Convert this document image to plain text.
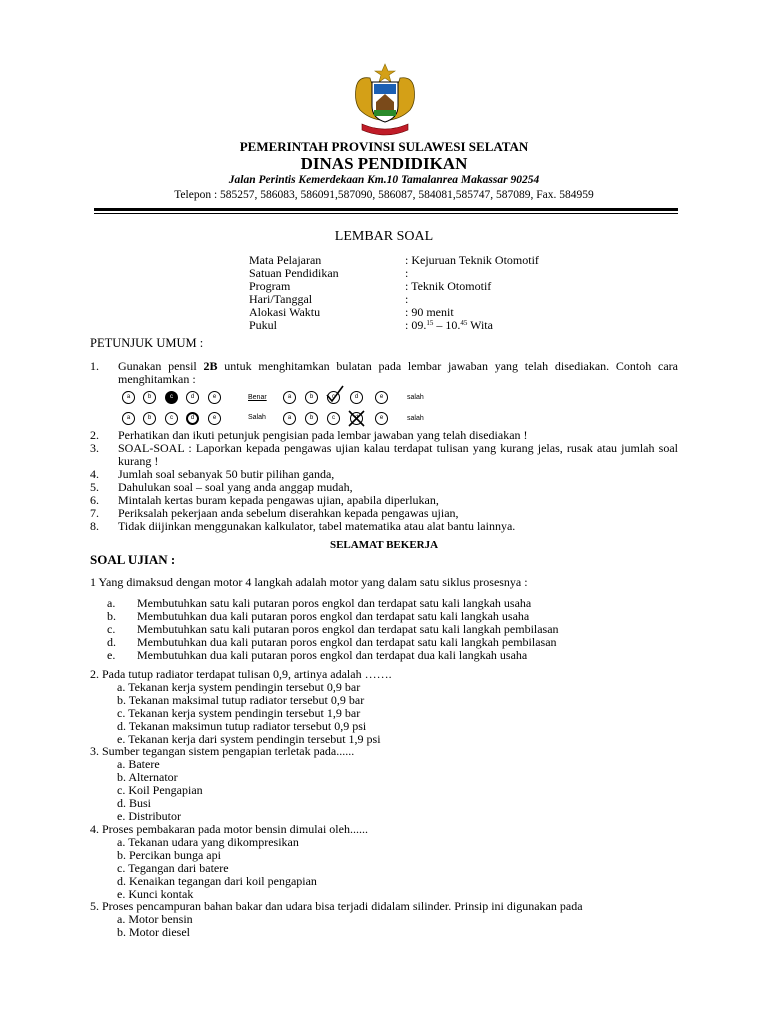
PEMERINTAH PROVINSI SULAWESI SELATAN
DINAS PENDIDIKAN
Jalan Perintis Kemerdekaan Km.10 Tamalanrea Makassar 90254
Telepon : 585257, 586083, 586091,587090, 586087, 584081,585747, 587089, Fax. 584959
LEMBAR SOAL
Mata Pelajaran	: Kejuruan Teknik Otomotif
Satuan Pendidikan	:
Program	: Teknik Otomotif
Hari/Tanggal	:
Alokasi Waktu	: 90 menit
Pukul	: 09.15 – 10.45 Wita
PETUNJUK UMUM :
1. Gunakan pensil 2B untuk menghitamkan bulatan pada lembar jawaban yang telah disediakan. Contoh cara menghitamkan :
a	b	c	d	e	Benar	a	b	c	d	e	salah
a	b	c	d	e	Salah	a	b	c	e	salah
2. Perhatikan dan ikuti petunjuk pengisian pada lembar jawaban yang telah disediakan !
3. SOAL-SOAL : Laporkan kepada pengawas ujian kalau terdapat tulisan yang kurang jelas, rusak atau jumlah soal kurang !
4. Jumlah soal sebanyak 50 butir pilihan ganda,
5. Dahulukan soal – soal yang anda anggap mudah,
6. Mintalah kertas buram kepada pengawas ujian, apabila diperlukan,
7. Periksalah pekerjaan anda sebelum diserahkan kepada pengawas ujian,
8. Tidak diijinkan menggunakan kalkulator, tabel matematika atau alat bantu lainnya.
SELAMAT BEKERJA
SOAL UJIAN :
1 Yang dimaksud dengan motor 4 langkah adalah motor yang dalam satu siklus prosesnya :
a. Membutuhkan satu kali putaran poros engkol dan terdapat satu kali langkah usaha
b. Membutuhkan dua kali putaran poros engkol dan terdapat satu kali langkah usaha
c. Membutuhkan satu kali putaran poros engkol dan terdapat satu kali langkah pembilasan
d. Membutuhkan dua kali putaran poros engkol dan terdapat satu kali langkah pembilasan
e. Membutuhkan dua kali putaran poros engkol dan terdapat dua kali langkah usaha
2. Pada tutup radiator terdapat tulisan 0,9, artinya adalah …….
a. Tekanan kerja system pendingin tersebut 0,9 bar
b. Tekanan maksimal tutup radiator tersebut 0,9 bar
c. Tekanan kerja system pendingin tersebut 1,9 bar
d. Tekanan maksimun tutup radiator tersebut 0,9 psi
e. Tekanan kerja dari system pendingin tersebut 1,9 psi
3. Sumber tegangan sistem pengapian terletak pada......
a. Batere
b. Alternator
c. Koil Pengapian
d. Busi
e. Distributor
4. Proses pembakaran pada motor bensin dimulai oleh......
a. Tekanan udara yang dikompresikan
b. Percikan bunga api
c. Tegangan dari batere
d. Kenaikan tegangan dari koil pengapian
e. Kunci kontak
5. Proses pencampuran bahan bakar dan udara bisa terjadi didalam silinder. Prinsip ini digunakan pada
a. Motor bensin
b. Motor diesel
